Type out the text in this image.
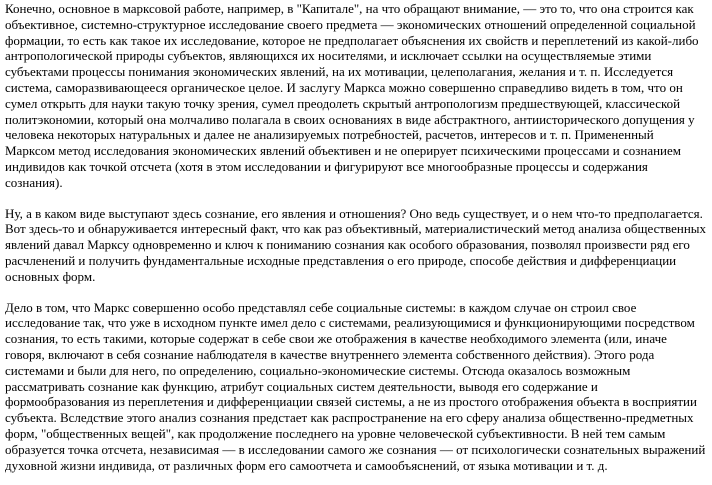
Конечно, основное в марксовой работе, например, в "Капитале", на что обращают внимание, — это то, что она строится как
объективное, системно-структурное исследование своего предмета — экономических отношений определенной социальной
формации, то есть как такое их исследование, которое не предполагает объяснения их свойств и переплетений из какой-либо
антропологической природы субъектов, являющихся их носителями, и исключает ссылки на осуществляемые этими
субъектами процессы понимания экономических явлений, на их мотивации, целеполагания, желания и т. п. Исследуется
система, саморазвивающееся органическое целое. И заслугу Маркса можно совершенно справедливо видеть в том, что он
сумел открыть для науки такую точку зрения, сумел преодолеть скрытый антропологизм предшествующей, классической
политэкономии, который она молчаливо полагала в своих основаниях в виде абстрактного, антиисторического допущения у
человека некоторых натуральных и далее не анализируемых потребностей, расчетов, интересов и т. п. Примененный
Марксом метод исследования экономических явлений объективен и не оперирует психическими процессами и сознанием
индивидов как точкой отсчета (хотя в этом исследовании и фигурируют все многообразные процессы и содержания
сознания).

Ну, а в каком виде выступают здесь сознание, его явления и отношения? Оно ведь существует, и о нем что-то предполагается.
Вот здесь-то и обнаруживается интересный факт, что как раз объективный, материалистический метод анализа общественных
явлений давал Марксу одновременно и ключ к пониманию сознания как особого образования, позволял произвести ряд его
расчленений и получить фундаментальные исходные представления о его природе, способе действия и дифференциации
основных форм.

Дело в том, что Маркс совершенно особо представлял себе социальные системы: в каждом случае он строил свое
исследование так, что уже в исходном пункте имел дело с системами, реализующимися и функционирующими посредством
сознания, то есть такими, которые содержат в себе свои же отображения в качестве необходимого элемента (или, иначе
говоря, включают в себя сознание наблюдателя в качестве внутреннего элемента собственного действия). Этого рода
системами и были для него, по определению, социально-экономические системы. Отсюда оказалось возможным
рассматривать сознание как функцию, атрибут социальных систем деятельности, выводя его содержание и
формообразования из переплетения и дифференциации связей системы, а не из простого отображения объекта в восприятии
субъекта. Вследствие этого анализ сознания предстает как распространение на его сферу анализа общественно-предметных
форм, "общественных вещей", как продолжение последнего на уровне человеческой субъективности. В ней тем самым
образуется точка отсчета, независимая — в исследовании самого же сознания — от психологически сознательных выражений
духовной жизни индивида, от различных форм его самоотчета и самообъяснений, от языка мотивации и т. д.
